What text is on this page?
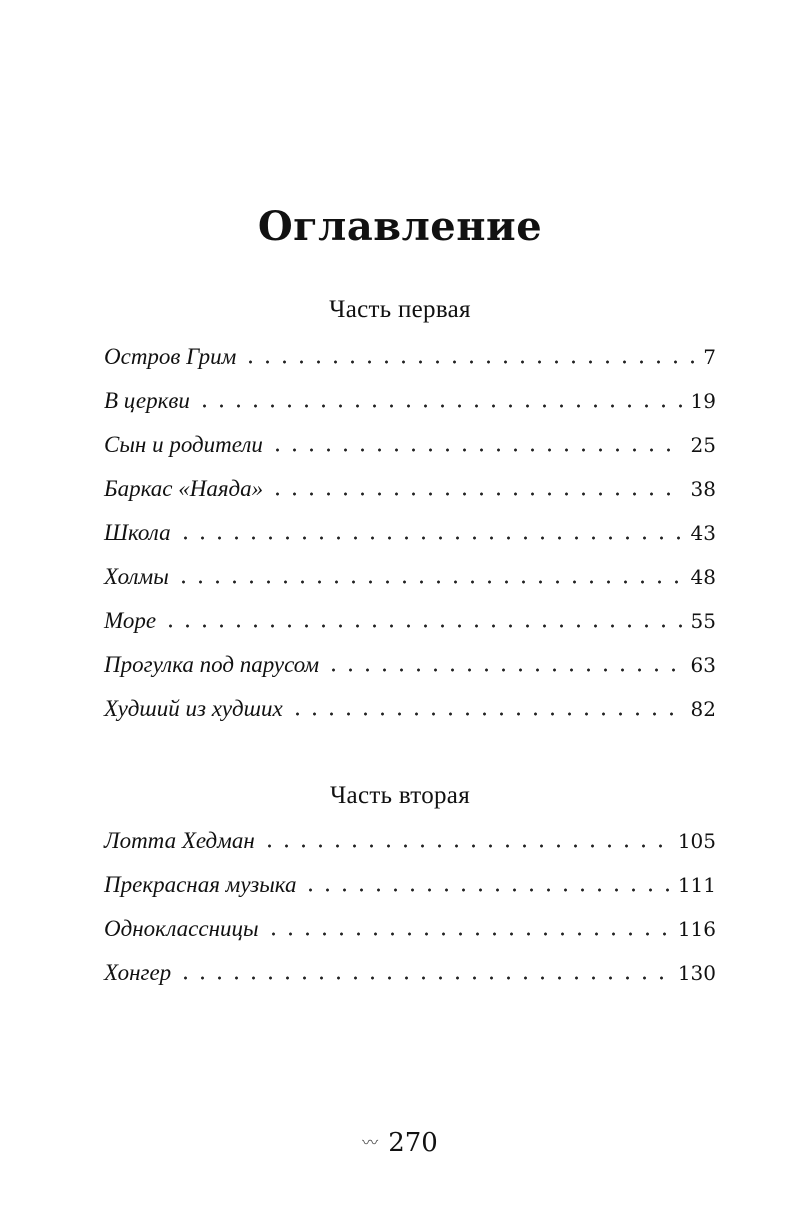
Оглавление
Часть первая
Остров Грим	7
В церкви	19
Сын и родители	25
Баркас «Наяда»	38
Школа	43
Холмы	48
Море	55
Прогулка под парусом	63
Худший из худших	82
Часть вторая
Лотта Хедман	105
Прекрасная музыка	111
Одноклассницы	116
Хонгер	130
〰 270
